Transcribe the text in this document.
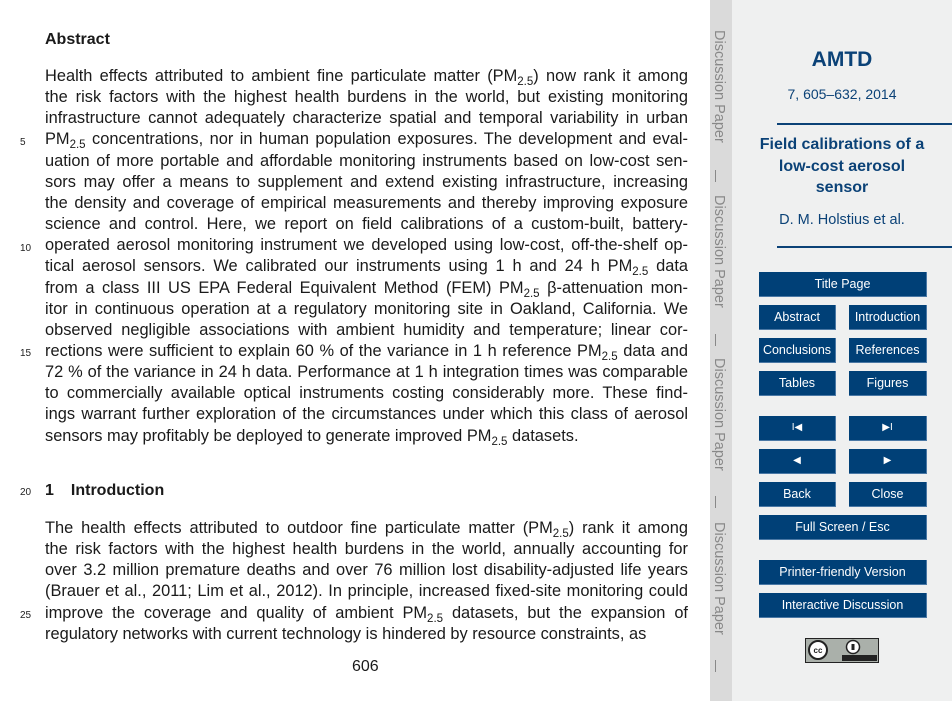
Abstract
Health effects attributed to ambient fine particulate matter $(PM_{2.5})$ now rank it among
the risk factors with the highest health burdens in the world, but existing monitoring
infrastructure cannot adequately characterize spatial and temporal variability in urban
$PM_{2.5}$ concentrations, nor in human population exposures. The development and eval-
uation of more portable and affordable monitoring instruments based on low-cost sen-
sors may offer a means to supplement and extend existing infrastructure, increasing
the density and coverage of empirical measurements and thereby improving exposure
science and control. Here, we report on field calibrations of a custom-built, battery-
operated aerosol monitoring instrument we developed using low-cost, off-the-shelf op-
tical aerosol sensors. We calibrated our instruments using 1 h and 24 h $PM_{2.5}$ data
from a class III US EPA Federal Equivalent Method (FEM) $PM_{2.5}$ β-attenuation mon-
itor in continuous operation at a regulatory monitoring site in Oakland, California. We
observed negligible associations with ambient humidity and temperature; linear cor-
rections were sufficient to explain 60 % of the variance in 1 h reference $PM_{2.5}$ data and
72 % of the variance in 24 h data. Performance at 1 h integration times was comparable
to commercially available optical instruments costing considerably more. These find-
ings warrant further exploration of the circumstances under which this class of aerosol
sensors may profitably be deployed to generate improved $PM_{2.5}$ datasets.
1 Introduction
The health effects attributed to outdoor fine particulate matter $(PM_{2.5})$ rank it among
the risk factors with the highest health burdens in the world, annually accounting for
over 3.2 million premature deaths and over 76 million lost disability-adjusted life years
(Brauer et al., 2011; Lim et al., 2012). In principle, increased fixed-site monitoring could
improve the coverage and quality of ambient $PM_{2.5}$ datasets, but the expansion of
regulatory networks with current technology is hindered by resource constraints, as
5
10
15
20
25
606
Discussion Paper
Discussion Paper
Discussion Paper
Discussion Paper
AMTD
7, 605–632, 2014
Field calibrations of a low-cost aerosol sensor
D. M. Holstius et al.
Title Page
Abstract	Introduction
Conclusions	References
Tables	Figures
I◀	▶I
◀	▶
Back	Close
Full Screen / Esc
Printer-friendly Version
Interactive Discussion
cc
